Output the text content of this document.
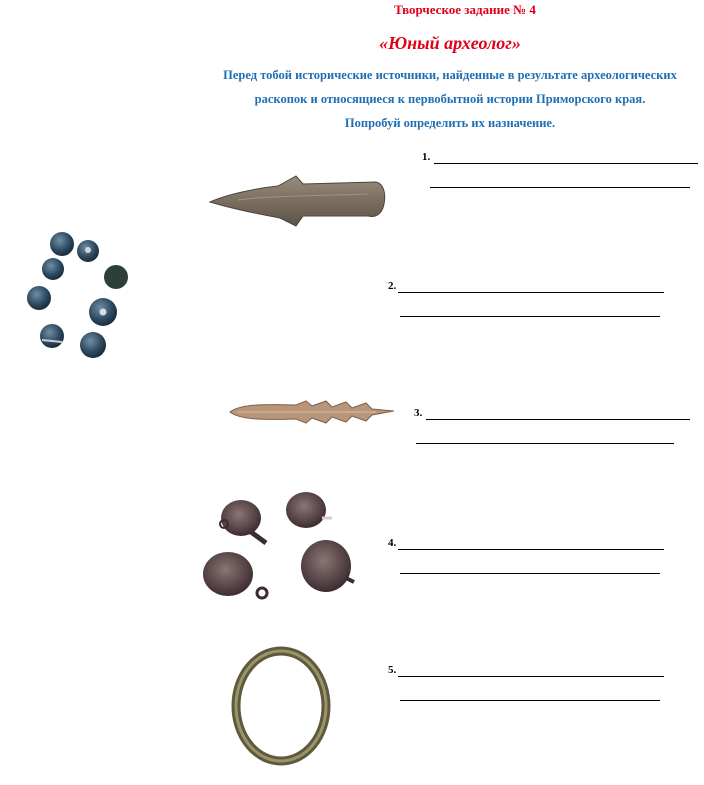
Творческое задание № 4
«Юный археолог»
Перед тобой исторические источники, найденные в результате археологических
раскопок и относящиеся к первобытной истории Приморского края.
Попробуй определить их назначение.
1.
2.
3.
4.
5.
